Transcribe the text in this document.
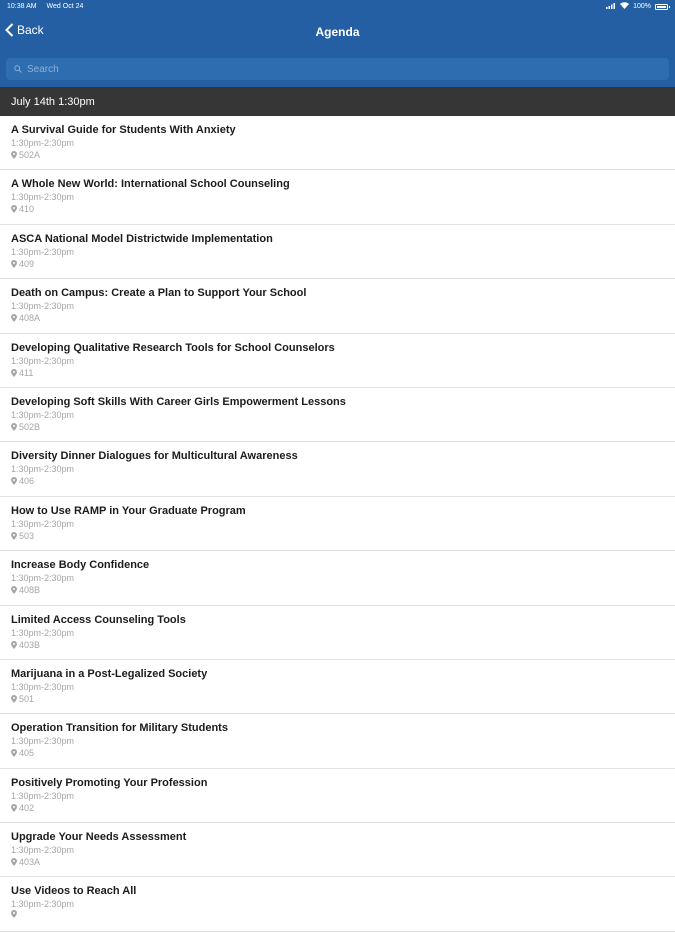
10:38 AM Wed Oct 24	100%
Back	Agenda
Search
July 14th 1:30pm
A Survival Guide for Students With Anxiety
1:30pm-2:30pm
502A
A Whole New World: International School Counseling
1:30pm-2:30pm
410
ASCA National Model Districtwide Implementation
1:30pm-2:30pm
409
Death on Campus: Create a Plan to Support Your School
1:30pm-2:30pm
408A
Developing Qualitative Research Tools for School Counselors
1:30pm-2:30pm
411
Developing Soft Skills With Career Girls Empowerment Lessons
1:30pm-2:30pm
502B
Diversity Dinner Dialogues for Multicultural Awareness
1:30pm-2:30pm
406
How to Use RAMP in Your Graduate Program
1:30pm-2:30pm
503
Increase Body Confidence
1:30pm-2:30pm
408B
Limited Access Counseling Tools
1:30pm-2:30pm
403B
Marijuana in a Post-Legalized Society
1:30pm-2:30pm
501
Operation Transition for Military Students
1:30pm-2:30pm
405
Positively Promoting Your Profession
1:30pm-2:30pm
402
Upgrade Your Needs Assessment
1:30pm-2:30pm
403A
Use Videos to Reach All
1:30pm-2:30pm
